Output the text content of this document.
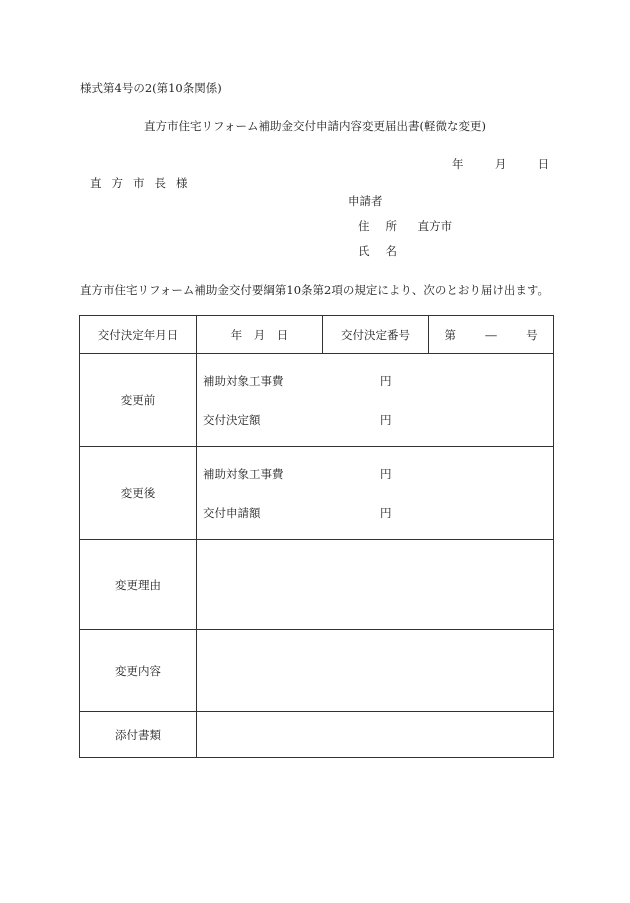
様式第4号の2(第10条関係)
直方市住宅リフォーム補助金交付申請内容変更届出書(軽微な変更)
年	月	日
直方市長様
申請者
住所 直方市
氏名
直方市住宅リフォーム補助金交付要綱第10条第2項の規定により、次のとおり届け出ます。
交付決定年月日	年　月　日	交付決定番号	第 ― 号
変更前	補助対象工事費 円
交付決定額 円		

変更後	補助対象工事費 円
交付申請額 円		

変更理由			
変更内容			
添付書類			
